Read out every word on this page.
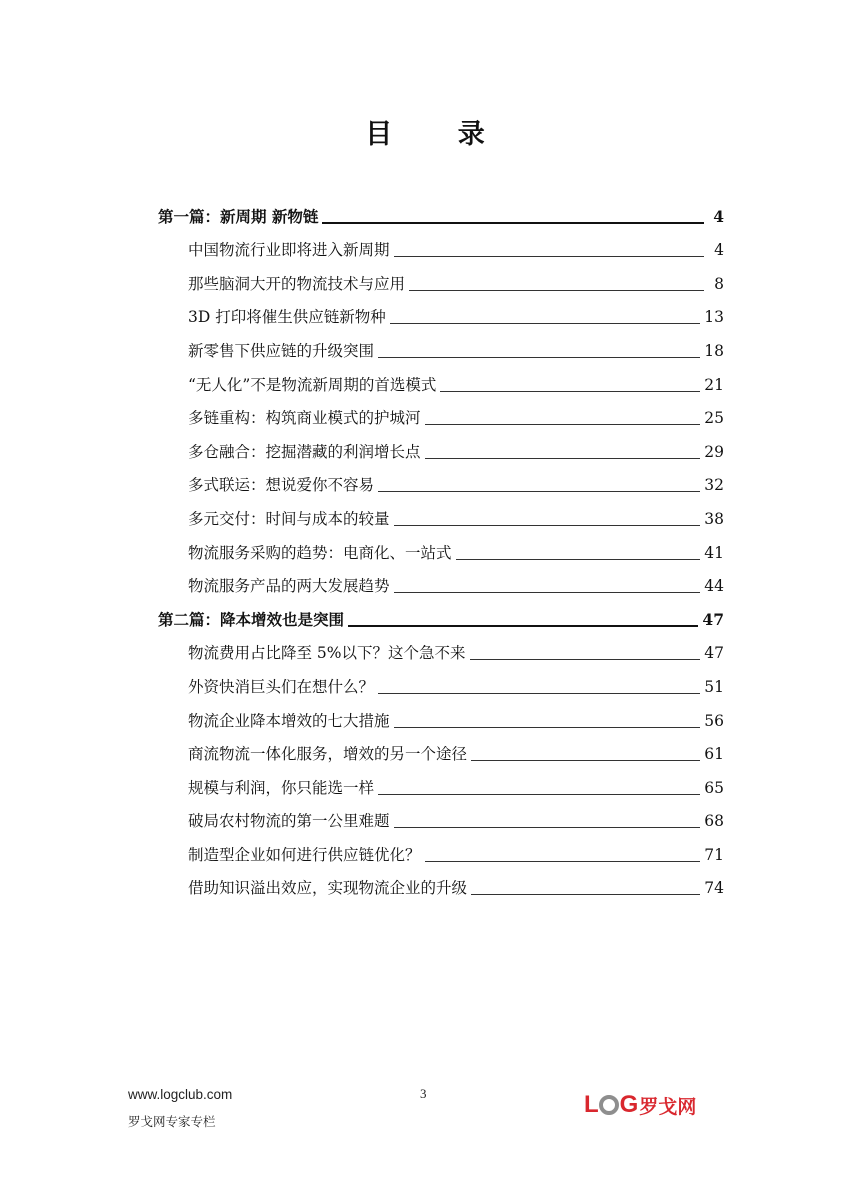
目 录
第一篇：新周期 新物链	4
中国物流行业即将进入新周期	4
那些脑洞大开的物流技术与应用	8
3D 打印将催生供应链新物种	13
新零售下供应链的升级突围	18
“无人化”不是物流新周期的首选模式	21
多链重构：构筑商业模式的护城河	25
多仓融合：挖掘潜藏的利润增长点	29
多式联运：想说爱你不容易	32
多元交付：时间与成本的较量	38
物流服务采购的趋势：电商化、一站式	41
物流服务产品的两大发展趋势	44
第二篇：降本增效也是突围	47
物流费用占比降至 5%以下？这个急不来	47
外资快消巨头们在想什么？	51
物流企业降本增效的七大措施	56
商流物流一体化服务，增效的另一个途径	61
规模与利润，你只能选一样	65
破局农村物流的第一公里难题	68
制造型企业如何进行供应链优化？	71
借助知识溢出效应，实现物流企业的升级	74
www.logclub.com
罗戈网专家专栏
3	L G 罗戈网
